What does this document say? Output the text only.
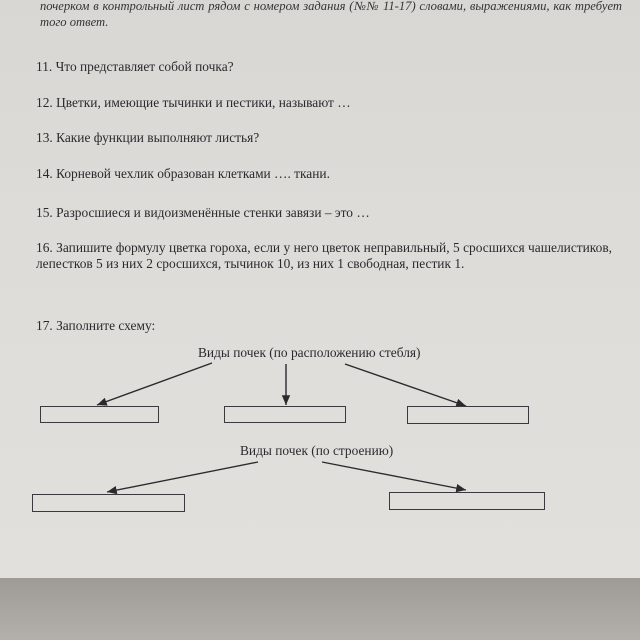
почерком в контрольный лист рядом с номером задания (№№ 11-17) словами, выражениями, как требует того ответ.
11. Что представляет собой почка?
12. Цветки, имеющие тычинки и пестики, называют …
13. Какие функции выполняют листья?
14. Корневой чехлик образован клетками …. ткани.
15. Разросшиеся и видоизменённые стенки завязи – это …
16. Запишите формулу цветка гороха, если у него цветок неправильный, 5 сросшихся чашелистиков, лепестков 5 из них 2 сросшихся, тычинок 10, из них 1 свободная, пестик 1.
17. Заполните схему:
Виды почек (по расположению стебля)
Виды почек (по строению)
